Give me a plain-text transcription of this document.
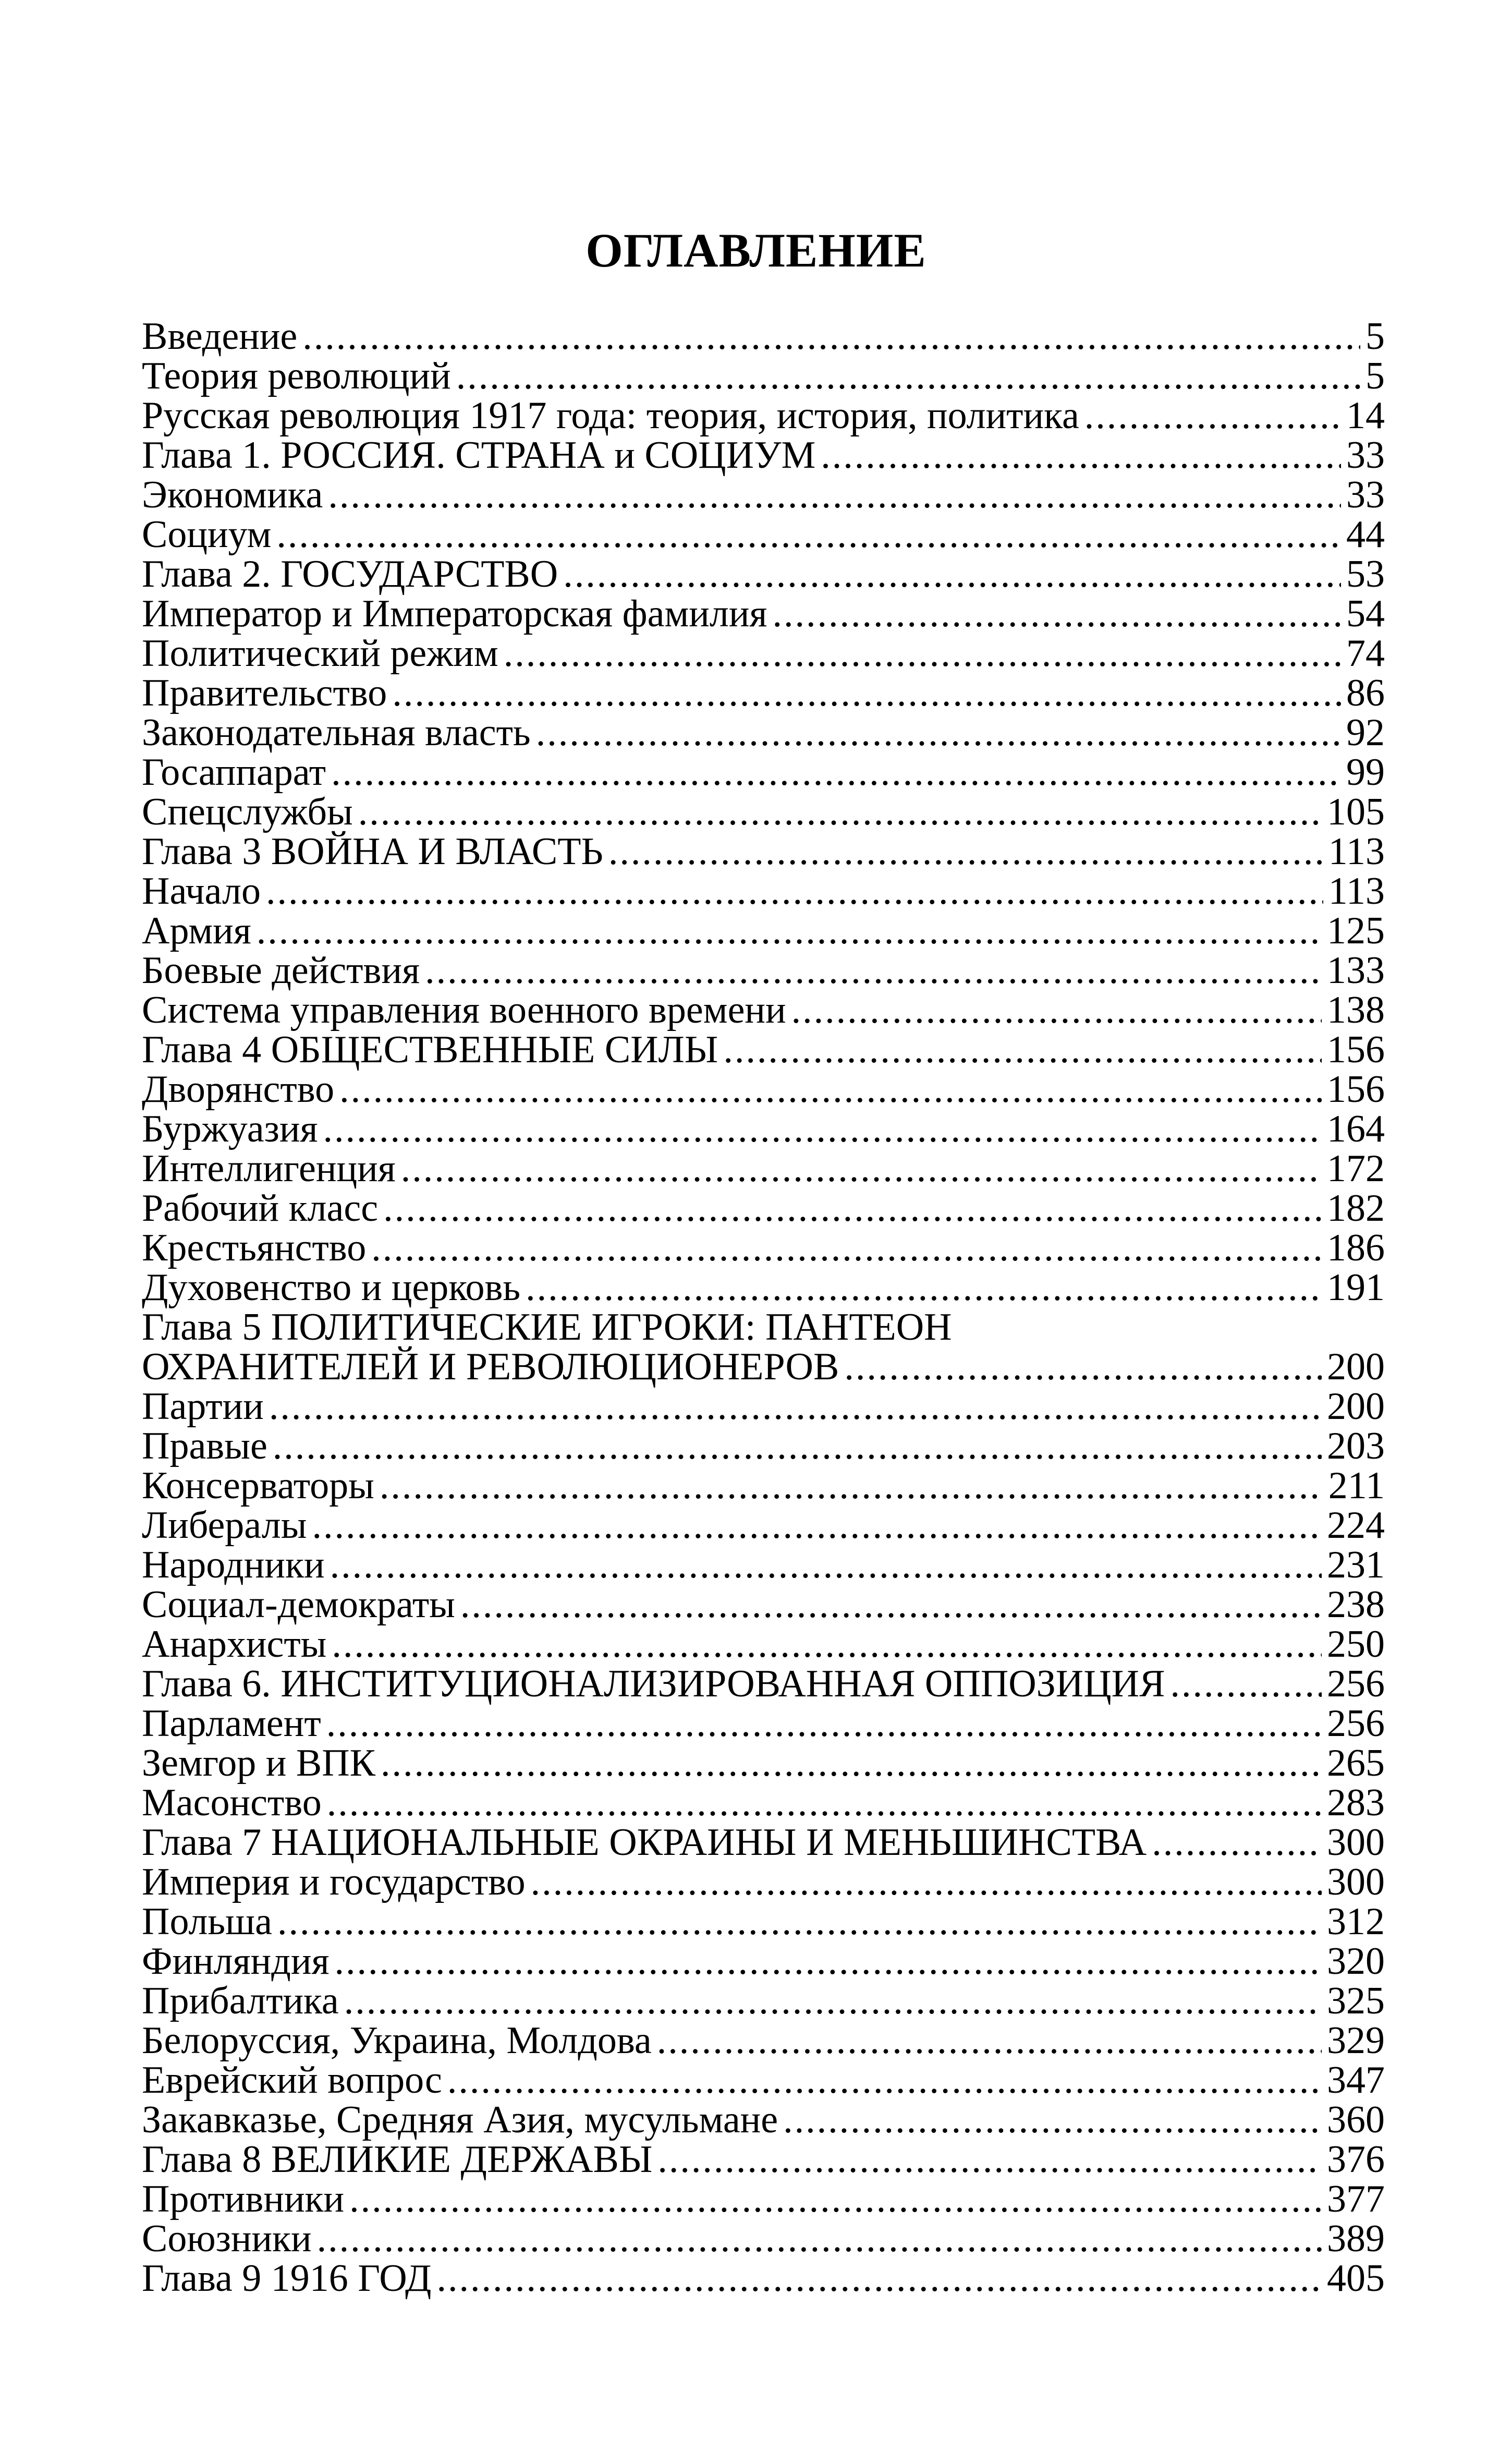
ОГЛАВЛЕНИЕ
Введение .....	5
Теория революций .....	5
Русская революция 1917 года: теория, история, политика .....	14
Глава 1. РОССИЯ. СТРАНА и СОЦИУМ .....	33
Экономика .....	33
Социум .....	44
Глава 2. ГОСУДАРСТВО .....	53
Император и Императорская фамилия .....	54
Политический режим .....	74
Правительство .....	86
Законодательная власть .....	92
Госаппарат .....	99
Спецслужбы .....	105
Глава 3 ВОЙНА И ВЛАСТЬ .....	113
Начало .....	113
Армия .....	125
Боевые действия .....	133
Система управления военного времени .....	138
Глава 4 ОБЩЕСТВЕННЫЕ СИЛЫ .....	156
Дворянство .....	156
Буржуазия .....	164
Интеллигенция .....	172
Рабочий класс .....	182
Крестьянство .....	186
Духовенство и церковь .....	191
Глава 5 ПОЛИТИЧЕСКИЕ ИГРОКИ: ПАНТЕОН
ОХРАНИТЕЛЕЙ И РЕВОЛЮЦИОНЕРОВ .....	200
Партии .....	200
Правые .....	203
Консерваторы .....	211
Либералы .....	224
Народники .....	231
Социал-демократы .....	238
Анархисты .....	250
Глава 6. ИНСТИТУЦИОНАЛИЗИРОВАННАЯ ОППОЗИЦИЯ .....	256
Парламент .....	256
Земгор и ВПК .....	265
Масонство .....	283
Глава 7 НАЦИОНАЛЬНЫЕ ОКРАИНЫ И МЕНЬШИНСТВА .....	300
Империя и государство .....	300
Польша .....	312
Финляндия .....	320
Прибалтика .....	325
Белоруссия, Украина, Молдова .....	329
Еврейский вопрос .....	347
Закавказье, Средняя Азия, мусульмане .....	360
Глава 8 ВЕЛИКИЕ ДЕРЖАВЫ .....	376
Противники .....	377
Союзники .....	389
Глава 9 1916 ГОД .....	405
